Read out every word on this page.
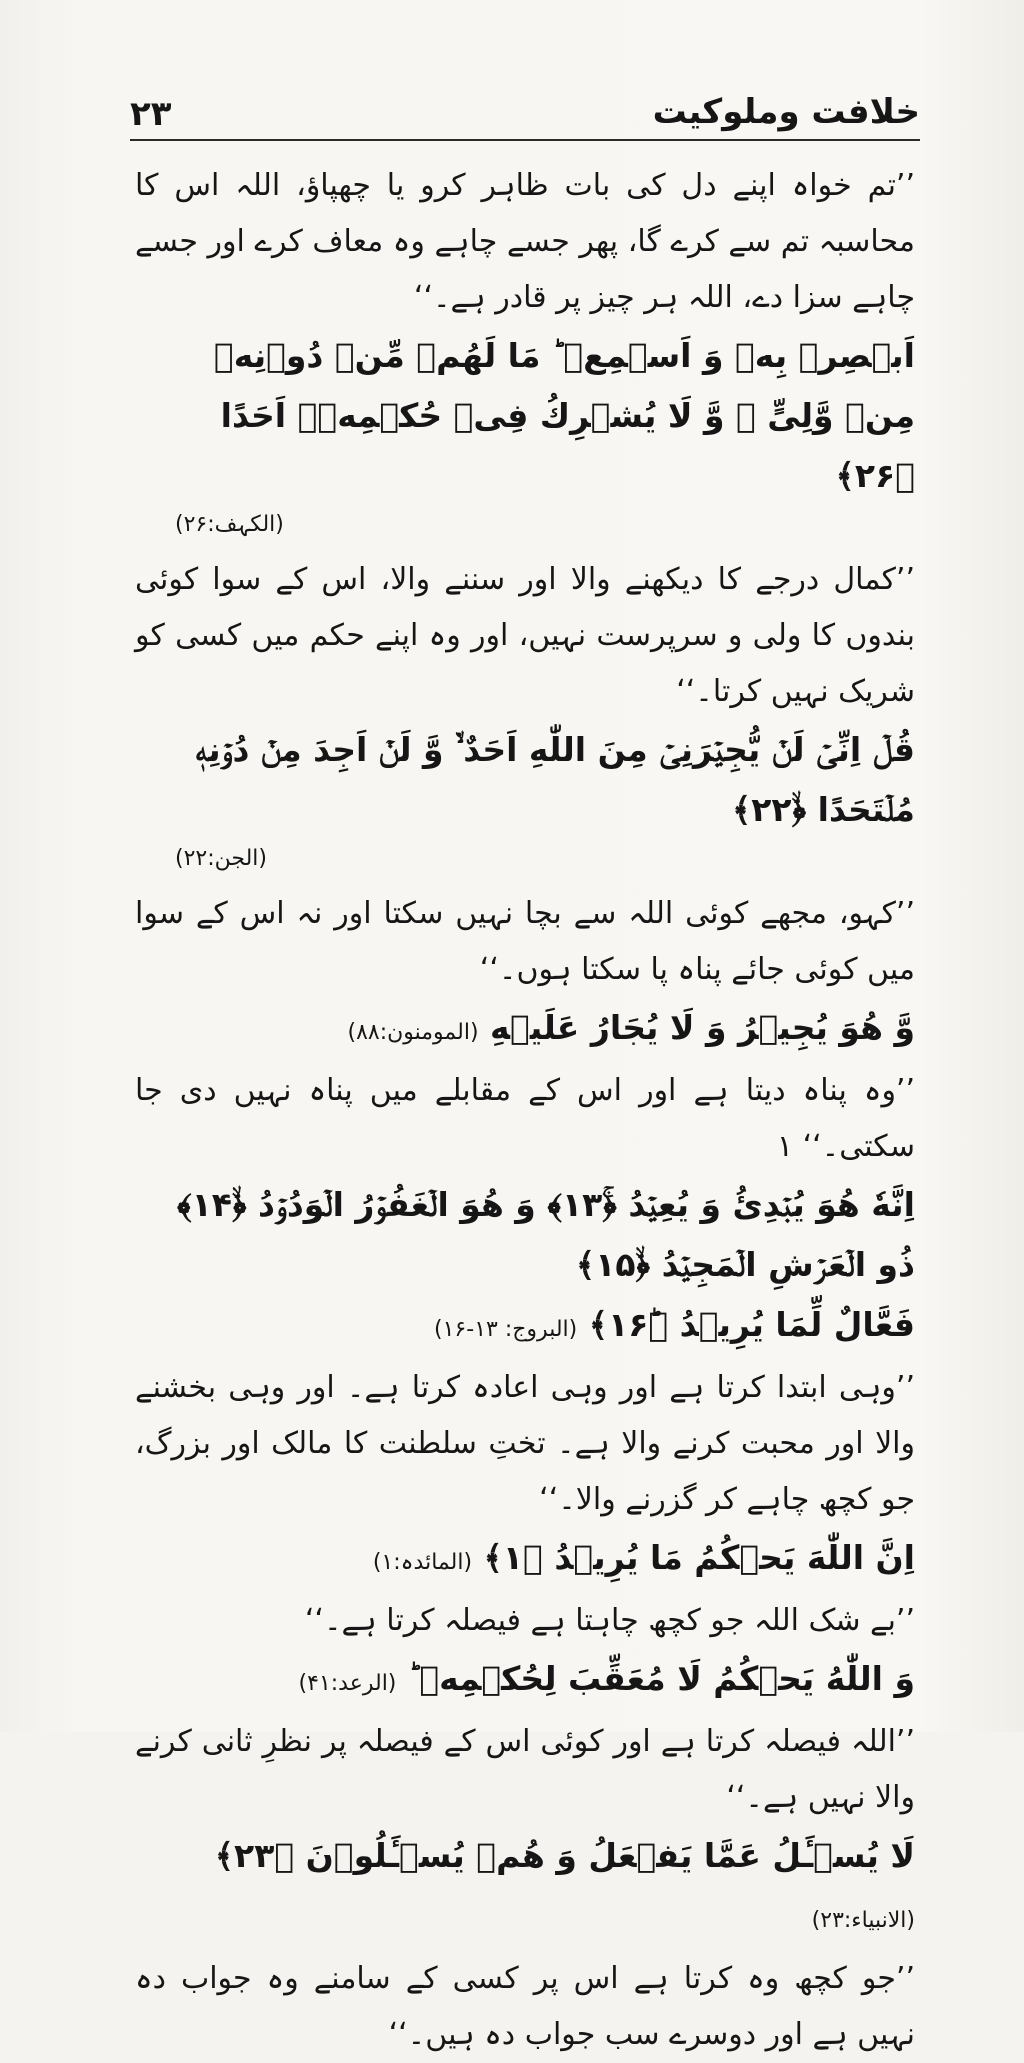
۲۳	خلافت وملوکیت

’’تم خواہ اپنے دل کی بات ظاہر کرو یا چھپاؤ، اللہ اس کا محاسبہ تم سے کرے گا، پھر جسے چاہے وہ معاف کرے اور جسے چاہے سزا دے، اللہ ہر چیز پر قادر ہے۔‘‘

اَبۡصِرۡ بِهٖ وَ اَسۡمِعۡ ؕ مَا لَهُمۡ مِّنۡ دُوۡنِهٖ مِنۡ وَّلِیٍّ ۫ وَّ لَا یُشۡرِكُ فِیۡ حُكۡمِهٖۤ اَحَدًا ﴿۲۶﴾

(الکہف:۲۶)

’’کمال درجے کا دیکھنے والا اور سننے والا، اس کے سوا کوئی بندوں کا ولی و سرپرست نہیں، اور وہ اپنے حکم میں کسی کو شریک نہیں کرتا۔‘‘

قُلۡ اِنِّیۡ لَنۡ یُّجِیۡرَنِیۡ مِنَ اللّٰهِ اَحَدٌ ۙ۬ وَّ لَنۡ اَجِدَ مِنۡ دُوۡنِهٖ مُلۡتَحَدًا ﴿ۙ۲۲﴾

(الجن:۲۲)

’’کہو، مجھے کوئی اللہ سے بچا نہیں سکتا اور نہ اس کے سوا میں کوئی جائے پناہ پا سکتا ہوں۔‘‘

وَّ هُوَ یُجِیۡرُ وَ لَا یُجَارُ عَلَیۡهِ (المومنون:۸۸)

’’وہ پناہ دیتا ہے اور اس کے مقابلے میں پناہ نہیں دی جا سکتی۔‘‘ ۱

اِنَّهٗ هُوَ یُبۡدِئُ وَ یُعِیۡدُ ﴿ۚ۱۳﴾ وَ هُوَ الۡغَفُوۡرُ الۡوَدُوۡدُ ﴿ۙ۱۴﴾ ذُو الۡعَرۡشِ الۡمَجِیۡدُ ﴿ۙ۱۵﴾

فَعَّالٌ لِّمَا یُرِیۡدُ ﴿ؕ۱۶﴾ (البروج: ۱۳-۱۶)

’’وہی ابتدا کرتا ہے اور وہی اعادہ کرتا ہے۔ اور وہی بخشنے والا اور محبت کرنے والا ہے۔ تختِ سلطنت کا مالک اور بزرگ، جو کچھ چاہے کر گزرنے والا۔‘‘

اِنَّ اللّٰهَ یَحۡكُمُ مَا یُرِیۡدُ ﴿۱﴾ (المائدہ:۱)

’’بے شک اللہ جو کچھ چاہتا ہے فیصلہ کرتا ہے۔‘‘

وَ اللّٰهُ یَحۡكُمُ لَا مُعَقِّبَ لِحُكۡمِهٖ ؕ (الرعد:۴۱)

’’اللہ فیصلہ کرتا ہے اور کوئی اس کے فیصلہ پر نظرِ ثانی کرنے والا نہیں ہے۔‘‘

لَا یُسۡـَٔلُ عَمَّا یَفۡعَلُ وَ هُمۡ یُسۡـَٔلُوۡنَ ﴿۲۳﴾ (الانبیاء:۲۳)

’’جو کچھ وہ کرتا ہے اس پر کسی کے سامنے وہ جواب دہ نہیں ہے اور دوسرے سب جواب دہ ہیں۔‘‘
